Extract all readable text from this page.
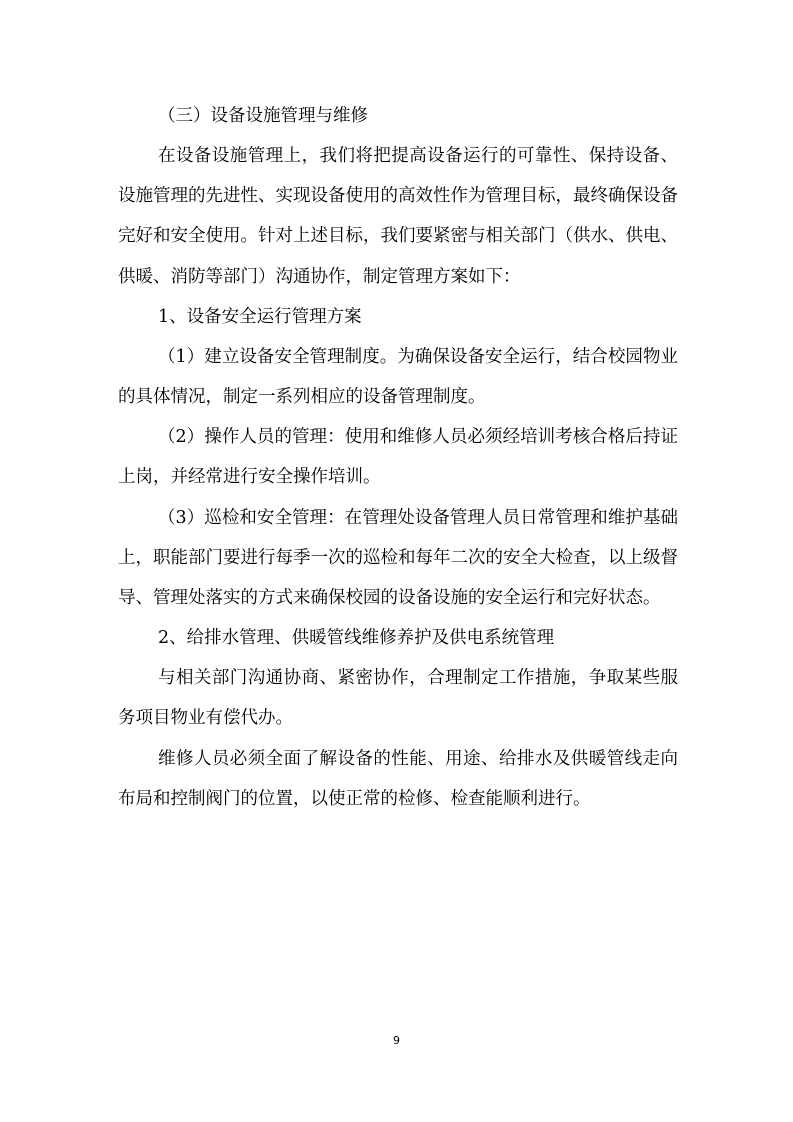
（三）设备设施管理与维修

在设备设施管理上，我们将把提高设备运行的可靠性、保持设备、设施管理的先进性、实现设备使用的高效性作为管理目标，最终确保设备完好和安全使用。针对上述目标，我们要紧密与相关部门（供水、供电、供暖、消防等部门）沟通协作，制定管理方案如下：

1、设备安全运行管理方案

（1）建立设备安全管理制度。为确保设备安全运行，结合校园物业的具体情况，制定一系列相应的设备管理制度。

（2）操作人员的管理：使用和维修人员必须经培训考核合格后持证上岗，并经常进行安全操作培训。

（3）巡检和安全管理：在管理处设备管理人员日常管理和维护基础上，职能部门要进行每季一次的巡检和每年二次的安全大检查，以上级督导、管理处落实的方式来确保校园的设备设施的安全运行和完好状态。

2、给排水管理、供暖管线维修养护及供电系统管理

与相关部门沟通协商、紧密协作，合理制定工作措施，争取某些服务项目物业有偿代办。

维修人员必须全面了解设备的性能、用途、给排水及供暖管线走向布局和控制阀门的位置，以使正常的检修、检查能顺利进行。

9
